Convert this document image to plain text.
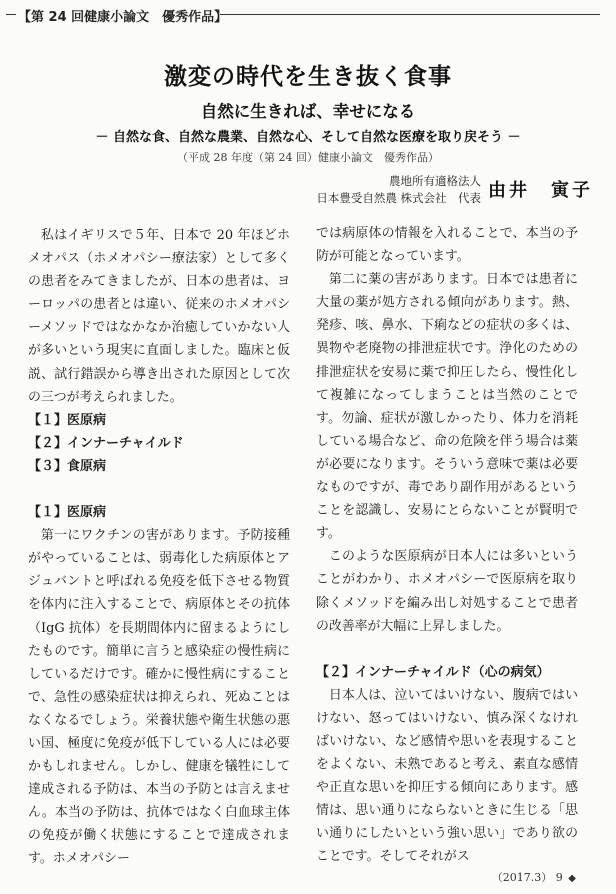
【第 24 回健康小論文　優秀作品】
激変の時代を生き抜く食事
自然に生きれば、幸せになる
－ 自然な食、自然な農業、自然な心、そして自然な医療を取り戻そう －
（平成 28 年度（第 24 回）健康小論文　優秀作品）
農地所有適格法人
日本豊受自然農 株式会社　代表 由井　寅子

私はイギリスで５年、日本で 20 年ほどホメオパス（ホメオパシー療法家）として多くの患者をみてきましたが、日本の患者は、ヨーロッパの患者とは違い、従来のホメオパシーメソッドではなかなか治癒していかない人が多いという現実に直面しました。臨床と仮説、試行錯誤から導き出された原因として次の三つが考えられました。

【１】医原病
【２】インナーチャイルド
【３】食原病
【１】医原病

第一にワクチンの害があります。予防接種がやっていることは、弱毒化した病原体とアジュバントと呼ばれる免疫を低下させる物質を体内に注入することで、病原体とその抗体（IgG 抗体）を長期間体内に留まるようにしたものです。簡単に言うと感染症の慢性病にしているだけです。確かに慢性病にすることで、急性の感染症状は抑えられ、死ぬことはなくなるでしょう。栄養状態や衛生状態の悪い国、極度に免疫が低下している人には必要かもしれません。しかし、健康を犠牲にして達成される予防は、本当の予防とは言えません。本当の予防は、抗体ではなく白血球主体の免疫が働く状態にすることで達成されます。ホメオパシー

では病原体の情報を入れることで、本当の予防が可能となっています。

第二に薬の害があります。日本では患者に大量の薬が処方される傾向があります。熱、発疹、咳、鼻水、下痢などの症状の多くは、異物や老廃物の排泄症状です。浄化のための排泄症状を安易に薬で抑圧したら、慢性化して複雑になってしまうことは当然のことです。勿論、症状が激しかったり、体力を消耗している場合など、命の危険を伴う場合は薬が必要になります。そういう意味で薬は必要なものですが、毒であり副作用があるということを認識し、安易にとらないことが賢明です。

このような医原病が日本人には多いということがわかり、ホメオパシーで医原病を取り除くメソッドを編み出し対処することで患者の改善率が大幅に上昇しました。

【２】インナーチャイルド（心の病気）

日本人は、泣いてはいけない、腹病ではいけない、怒ってはいけない、慎み深くなければいけない、など感情や思いを表現することをよくない、未熟であると考え、素直な感情や正直な思いを抑圧する傾向にあります。感情は、思い通りにならないときに生じる「思い通りにしたいという強い思い」であり欲のことです。そしてそれがス

（2017.3） 9 ◆
